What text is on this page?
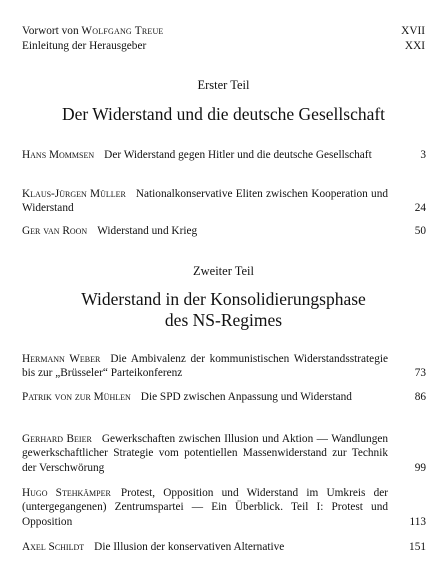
Vorwort von Wolfgang Treue	XVII
Einleitung der Herausgeber	XXI
Erster Teil
Der Widerstand und die deutsche Gesellschaft
Hans Mommsen Der Widerstand gegen Hitler und die deutsche Gesellschaft	3
Klaus-Jürgen Müller Nationalkonservative Eliten zwischen Kooperation und Widerstand	24
Ger van Roon Widerstand und Krieg	50
Zweiter Teil
Widerstand in der Konsolidierungsphase
des NS-Regimes
Hermann Weber Die Ambivalenz der kommunistischen Widerstandsstrategie bis zur „Brüsseler“ Parteikonferenz	73
Patrik von zur Mühlen Die SPD zwischen Anpassung und Widerstand	86
Gerhard Beier Gewerkschaften zwischen Illusion und Aktion — Wandlungen gewerkschaftlicher Strategie vom potentiellen Massenwiderstand zur Technik der Verschwörung	99
Hugo Stehkämper Protest, Opposition und Widerstand im Umkreis der (untergegangenen) Zentrumspartei — Ein Überblick. Teil I: Protest und Opposition	113
Axel Schildt Die Illusion der konservativen Alternative	151
